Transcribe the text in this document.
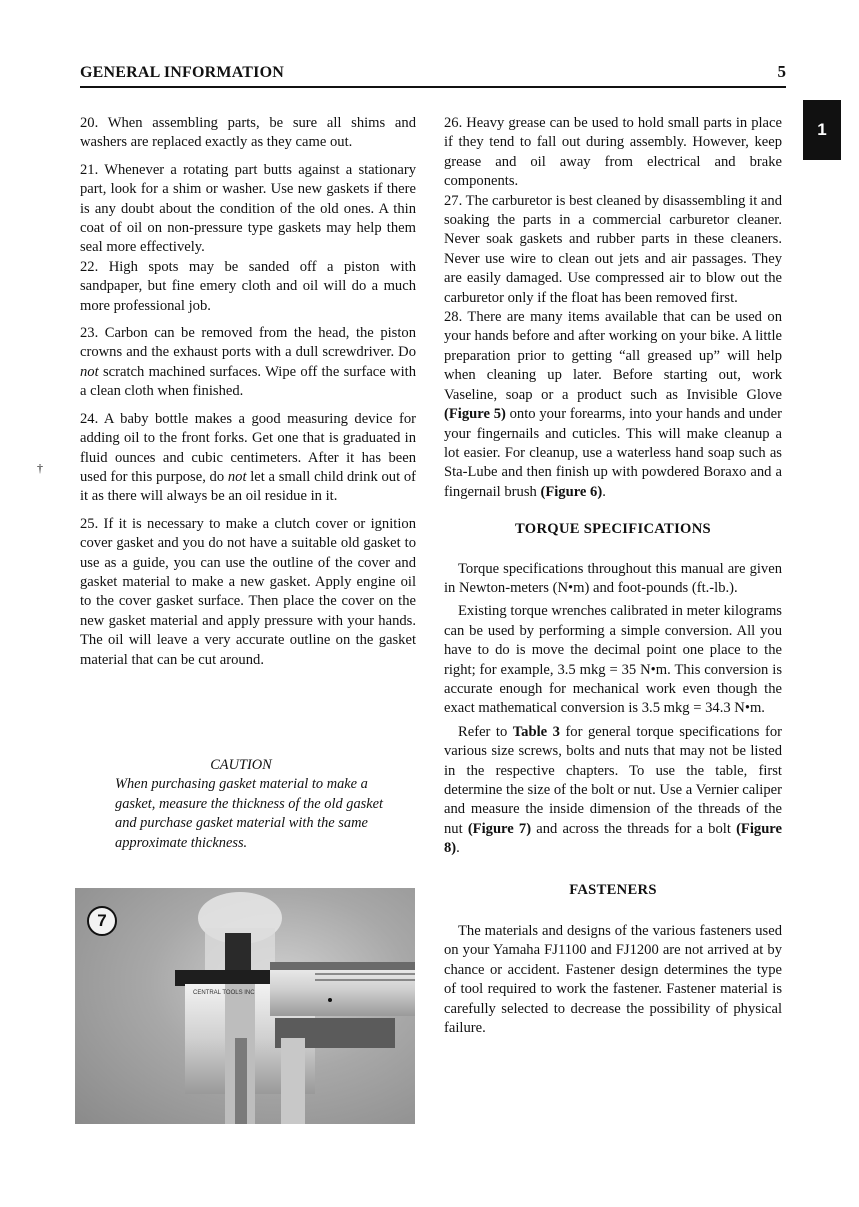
GENERAL INFORMATION	5
1
†

20. When assembling parts, be sure all shims and washers are replaced exactly as they came out.

21. Whenever a rotating part butts against a stationary part, look for a shim or washer. Use new gaskets if there is any doubt about the condition of the old ones. A thin coat of oil on non-pressure type gaskets may help them seal more effectively.

22. High spots may be sanded off a piston with sandpaper, but fine emery cloth and oil will do a much more professional job.

23. Carbon can be removed from the head, the piston crowns and the exhaust ports with a dull screwdriver. Do not scratch machined surfaces. Wipe off the surface with a clean cloth when finished.

24. A baby bottle makes a good measuring device for adding oil to the front forks. Get one that is graduated in fluid ounces and cubic centimeters. After it has been used for this purpose, do not let a small child drink out of it as there will always be an oil residue in it.

25. If it is necessary to make a clutch cover or ignition cover gasket and you do not have a suitable old gasket to use as a guide, you can use the outline of the cover and gasket material to make a new gasket. Apply engine oil to the cover gasket surface. Then place the cover on the new gasket material and apply pressure with your hands. The oil will leave a very accurate outline on the gasket material that can be cut around.

CAUTION
When purchasing gasket material to make a gasket, measure the thickness of the old gasket and purchase gasket material with the same approximate thickness.
CENTRAL TOOLS INC
7

26. Heavy grease can be used to hold small parts in place if they tend to fall out during assembly. However, keep grease and oil away from electrical and brake components.

27. The carburetor is best cleaned by disassembling it and soaking the parts in a commercial carburetor cleaner. Never soak gaskets and rubber parts in these cleaners. Never use wire to clean out jets and air passages. They are easily damaged. Use compressed air to blow out the carburetor only if the float has been removed first.

28. There are many items available that can be used on your hands before and after working on your bike. A little preparation prior to getting “all greased up” will help when cleaning up later. Before starting out, work Vaseline, soap or a product such as Invisible Glove (Figure 5) onto your forearms, into your hands and under your fingernails and cuticles. This will make cleanup a lot easier. For cleanup, use a waterless hand soap such as Sta-Lube and then finish up with powdered Boraxo and a fingernail brush (Figure 6).

TORQUE SPECIFICATIONS

Torque specifications throughout this manual are given in Newton-meters (N•m) and foot-pounds (ft.-lb.).

Existing torque wrenches calibrated in meter kilograms can be used by performing a simple conversion. All you have to do is move the decimal point one place to the right; for example, 3.5 mkg = 35 N•m. This conversion is accurate enough for mechanical work even though the exact mathematical conversion is 3.5 mkg = 34.3 N•m.

Refer to Table 3 for general torque specifications for various size screws, bolts and nuts that may not be listed in the respective chapters. To use the table, first determine the size of the bolt or nut. Use a Vernier caliper and measure the inside dimension of the threads of the nut (Figure 7) and across the threads for a bolt (Figure 8).

FASTENERS

The materials and designs of the various fasteners used on your Yamaha FJ1100 and FJ1200 are not arrived at by chance or accident. Fastener design determines the type of tool required to work the fastener. Fastener material is carefully selected to decrease the possibility of physical failure.
